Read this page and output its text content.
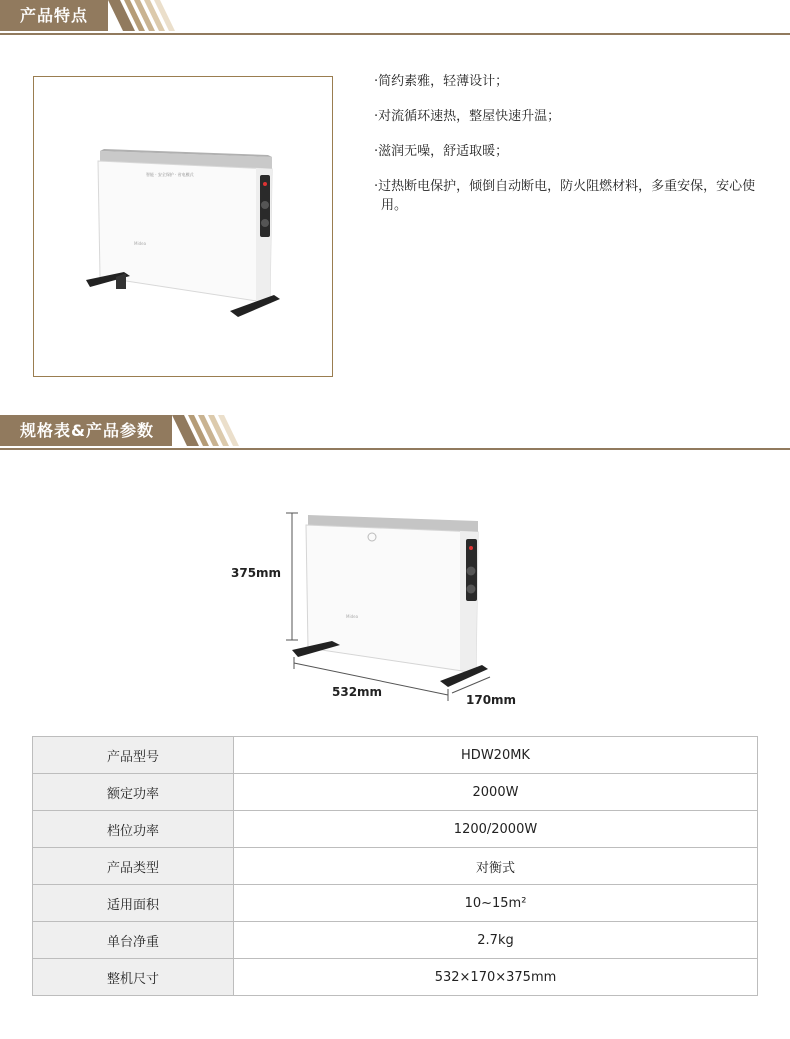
产品特点
Midea
智能 · 安全保护 · 省电模式
· 简约素雅，轻薄设计；
· 对流循环速热，整屋快速升温；
· 滋润无噪，舒适取暖；
· 过热断电保护，倾倒自动断电，防火阻燃材料，多重安保，安心使用。
规格表&产品参数
Midea
375mm
532mm
170mm
产品型号	HDW20MK
额定功率	2000W
档位功率	1200/2000W
产品类型	对衡式
适用面积	10~15m²
单台净重	2.7kg
整机尺寸	532×170×375mm
